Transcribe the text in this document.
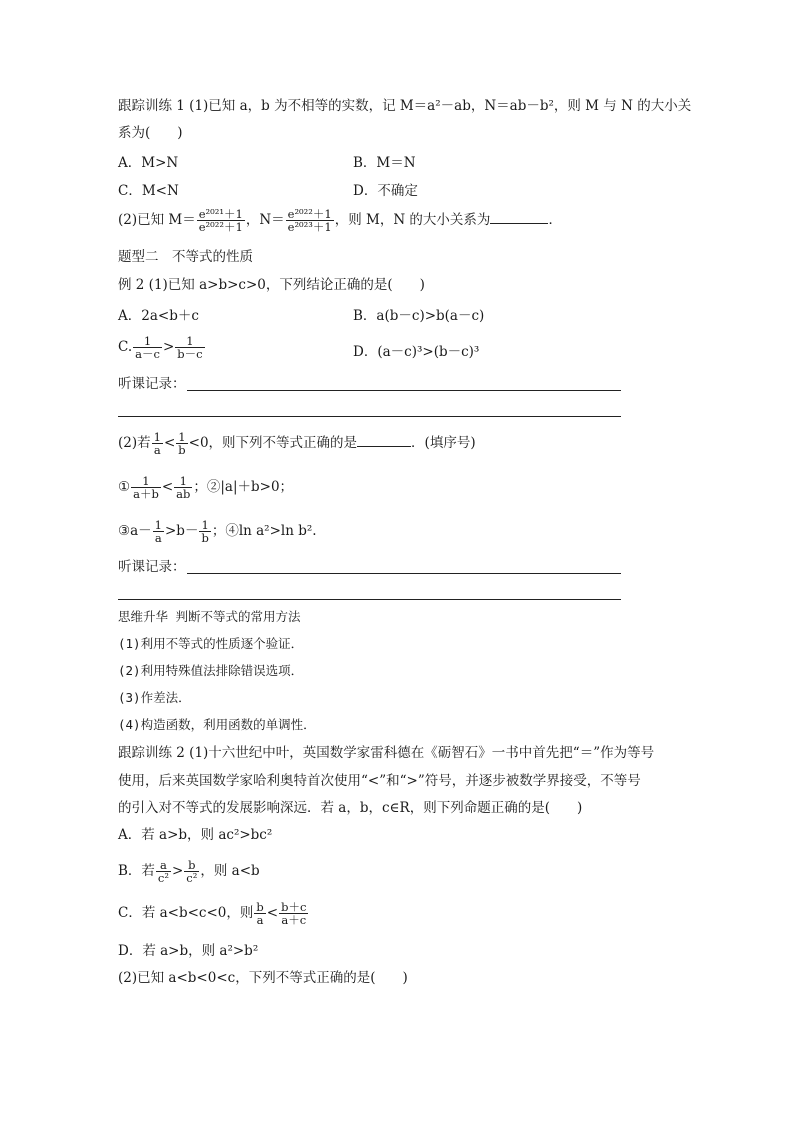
跟踪训练 1 (1)已知 a，b 为不相等的实数，记 M＝a²－ab，N＝ab－b²，则 M 与 N 的大小关
系为(　　)
A．M>N	B．M＝N
C．M<N	D．不确定
(2)已知 $M= \frac{\text{e²⁰²¹＋1}}{\text{e²⁰²²＋1}}$ ，$N= \frac{\text{e²⁰²²＋1}}{\text{e²⁰²³＋1}}$ ，则 M，N 的大小关系为	．
题型二　不等式的性质
例 2 (1)已知 a>b>c>0，下列结论正确的是(　　)
A．2a<b＋c	B．a(b－c)>b(a－c)
C. $\frac{1}{a-c} > \frac{1}{b-c}$	D．(a－c)³>(b－c)³
听课记录：
(2)若 $\frac{1}{a} < \frac{1}{b} <0$，则下列不等式正确的是	．(填序号)
① $\frac{1}{a+b} < \frac{1}{ab}$ ；②|a|＋b>0；
③a－ $\frac{1}{a} >b- \frac{1}{b}$ ；④ln a²>ln b².
听课记录：
思维升华 判断不等式的常用方法
(1)利用不等式的性质逐个验证．
(2)利用特殊值法排除错误选项．
(3)作差法．
(4)构造函数，利用函数的单调性．
跟踪训练 2 (1)十六世纪中叶，英国数学家雷科德在《砺智石》一书中首先把“＝”作为等号
使用，后来英国数学家哈利奥特首次使用“<”和“>”符号，并逐步被数学界接受，不等号
的引入对不等式的发展影响深远．若 a，b，c∈R，则下列命题正确的是(　　)
A．若 a>b，则 ac²>bc²
B．若 $\frac{a}{\text{c²}} > \frac{b}{\text{c²}}$ ，则 a<b
C．若 a<b<c<0，则 $\frac{b}{a} < \frac{b+c}{a+c}$
D．若 a>b，则 a²>b²
(2)已知 a<b<0<c，下列不等式正确的是(　　)
